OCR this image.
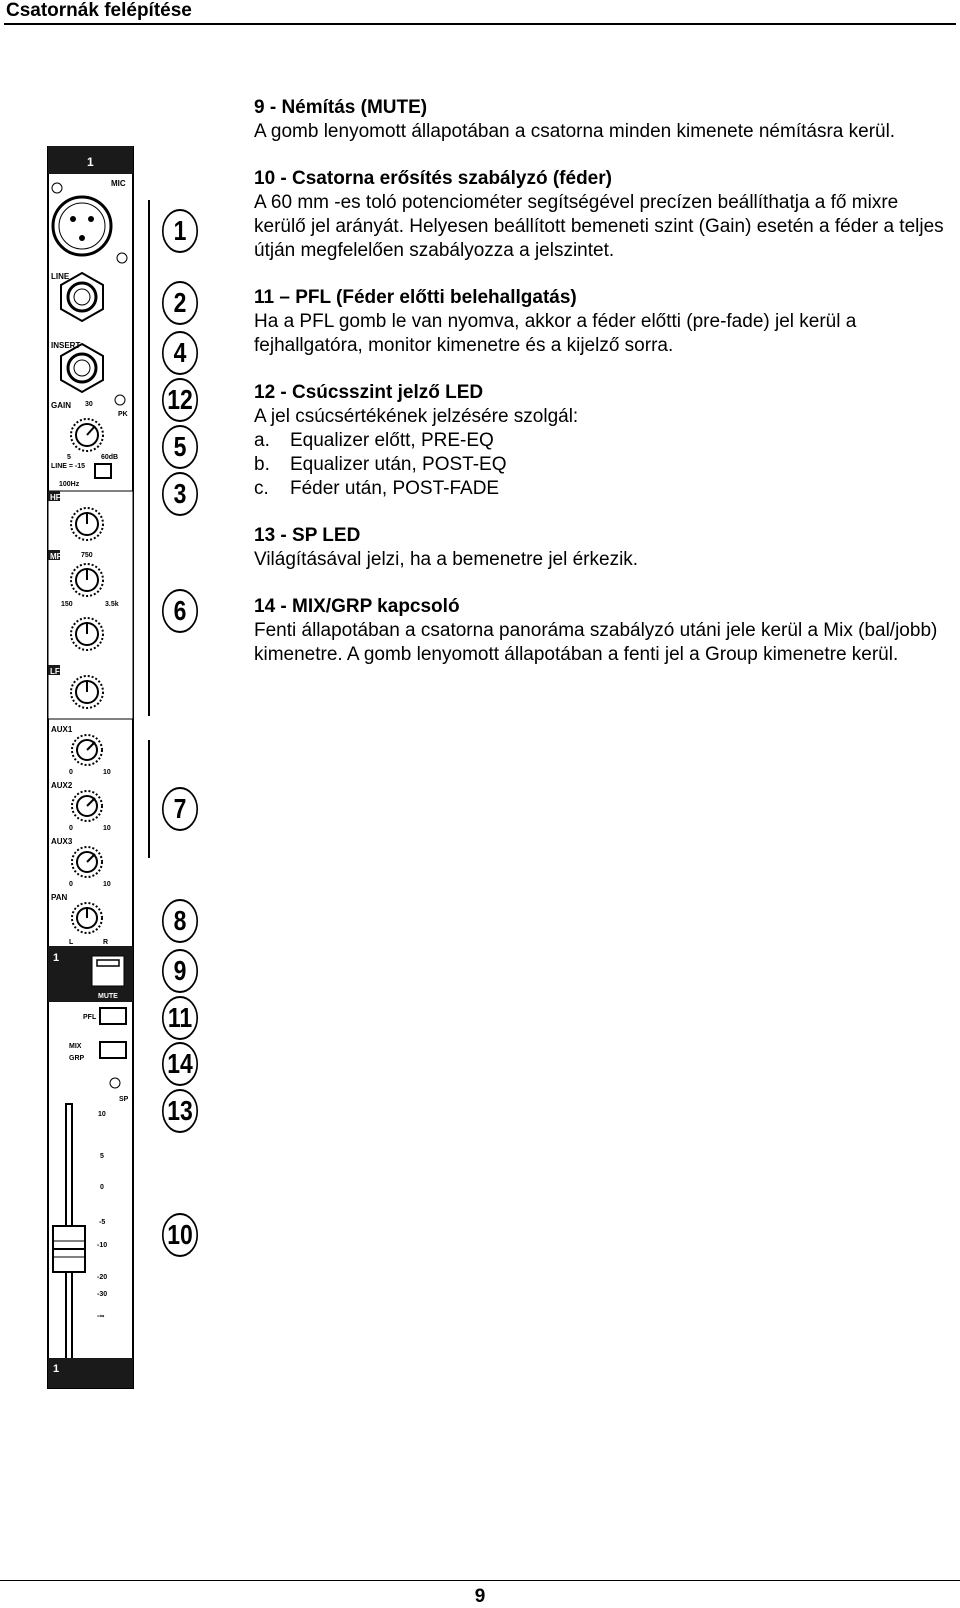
Csatornák felépítése
1
MIC
LINE
INSERT
GAIN 30
PK
5	60dB
LINE = -15
100Hz
HF
MF	750
150	3.5k
LF
AUX1
0	10
AUX2
0	10
AUX3
0	10
PAN
L	R
1
MUTE
PFL
MIX
GRP
SP
10
5
0
-5
-10
-20
-30
-∞
1
1
2
4
12
5
3
6
7
8
9
11
14
13
10
9 - Némítás (MUTE)
A gomb lenyomott állapotában a csatorna minden kimenete némításra kerül.
10 - Csatorna erősítés szabályzó (féder)
A 60 mm -es toló potenciométer segítségével precízen beállíthatja a fő mixre kerülő jel arányát. Helyesen beállított bemeneti szint (Gain) esetén a féder a teljes útján megfelelően szabályozza a jelszintet.
11 – PFL (Féder előtti belehallgatás)
Ha a PFL gomb le van nyomva, akkor a féder előtti (pre-fade) jel kerül a fejhallgatóra, monitor kimenetre és a kijelző sorra.
12 - Csúcsszint jelző LED
A jel csúcsértékének jelzésére szolgál:
a. Equalizer előtt, PRE-EQ
b. Equalizer után, POST-EQ
c. Féder után, POST-FADE
13 - SP LED
Világításával jelzi, ha a bemenetre jel érkezik.
14 - MIX/GRP kapcsoló
Fenti állapotában a csatorna panoráma szabályzó utáni jele kerül a Mix (bal/jobb) kimenetre. A gomb lenyomott állapotában a fenti jel a Group kimenetre kerül.
9
